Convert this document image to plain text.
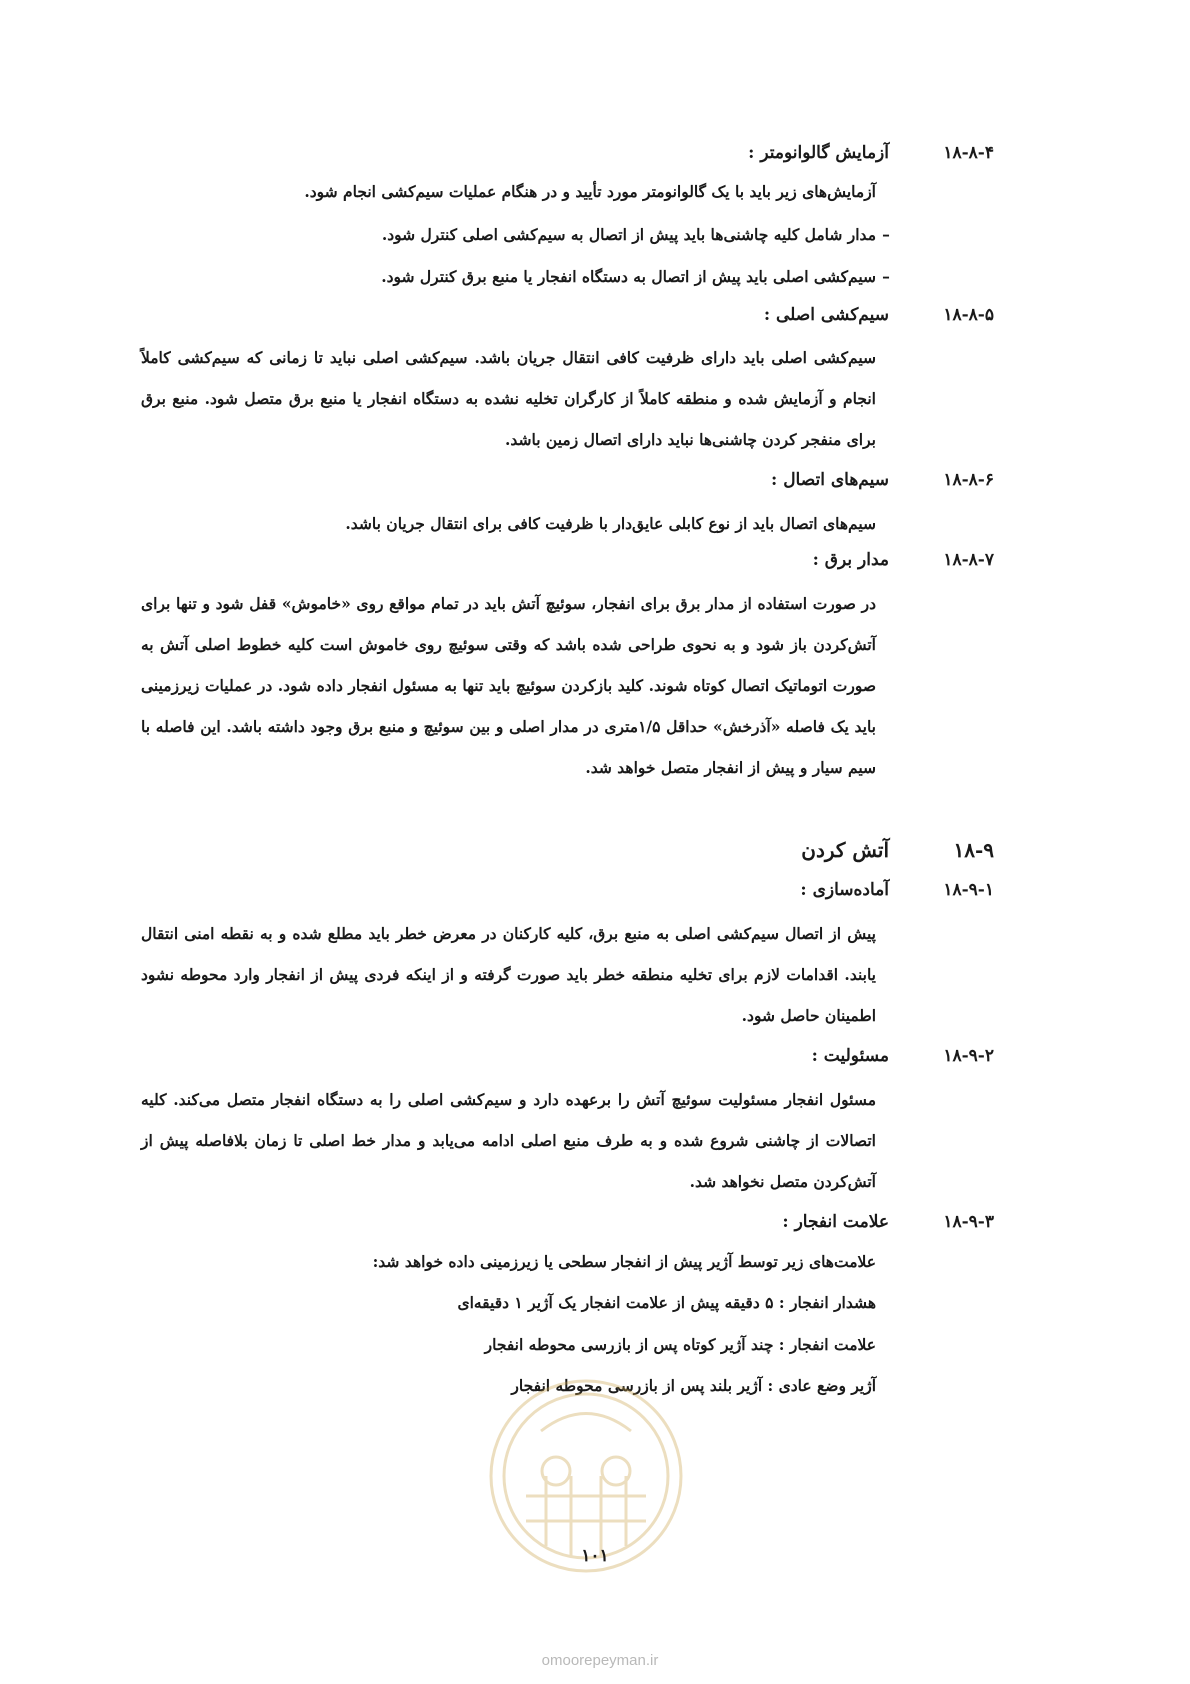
۱۸-۸-۴
آزمایش گالوانومتر :
آزمایش‌های زیر باید با یک گالوانومتر مورد تأیید و در هنگام عملیات سیم‌کشی انجام شود.
–مدار شامل کلیه چاشنی‌ها باید پیش از اتصال به سیم‌کشی اصلی کنترل شود.
–سیم‌کشی اصلی باید پیش از اتصال به دستگاه انفجار یا منبع برق کنترل شود.
۱۸-۸-۵
سیم‌کشی اصلی :
سیم‌کشی اصلی باید دارای ظرفیت کافی انتقال جریان باشد. سیم‌کشی اصلی نباید تا زمانی که سیم‌کشی کاملاً انجام و آزمایش شده و منطقه کاملاً از کارگران تخلیه نشده به دستگاه انفجار یا منبع برق متصل شود. منبع برق برای منفجر کردن چاشنی‌ها نباید دارای اتصال زمین باشد.
۱۸-۸-۶
سیم‌های اتصال :
سیم‌های اتصال باید از نوع کابلی عایق‌دار با ظرفیت کافی برای انتقال جریان باشد.
۱۸-۸-۷
مدار برق :
در صورت استفاده از مدار برق برای انفجار، سوئیچ آتش باید در تمام مواقع روی «خاموش» قفل شود و تنها برای آتش‌کردن باز شود و به نحوی طراحی شده باشد که وقتی سوئیچ روی خاموش است کلیه خطوط اصلی آتش به صورت اتوماتیک اتصال کوتاه شوند. کلید بازکردن سوئیچ باید تنها به مسئول انفجار داده شود. در عملیات زیرزمینی باید یک فاصله «آذرخش» حداقل ۱/۵متری در مدار اصلی و بین سوئیچ و منبع برق وجود داشته باشد. این فاصله با سیم سیار و پیش از انفجار متصل خواهد شد.
۱۸-۹
آتش کردن
۱۸-۹-۱
آماده‌سازی :
پیش از اتصال سیم‌کشی اصلی به منبع برق، کلیه کارکنان در معرض خطر باید مطلع شده و به نقطه امنی انتقال یابند. اقدامات لازم برای تخلیه منطقه خطر باید صورت گرفته و از اینکه فردی پیش از انفجار وارد محوطه نشود اطمینان حاصل شود.
۱۸-۹-۲
مسئولیت :
مسئول انفجار مسئولیت سوئیچ آتش را برعهده دارد و سیم‌کشی اصلی را به دستگاه انفجار متصل می‌کند. کلیه اتصالات از چاشنی شروع شده و به طرف منبع اصلی ادامه می‌یابد و مدار خط اصلی تا زمان بلافاصله پیش از آتش‌کردن متصل نخواهد شد.
۱۸-۹-۳
علامت انفجار :
علامت‌های زیر توسط آژیر پیش از انفجار سطحی یا زیرزمینی داده خواهد شد:
هشدار انفجار : ۵ دقیقه پیش از علامت انفجار یک آژیر ۱ دقیقه‌ای
علامت انفجار : چند آژیر کوتاه پس از بازرسی محوطه انفجار
آژیر وضع عادی : آژیر بلند پس از بازرسی محوطه انفجار
۱۰۱
omoorepeyman.ir
